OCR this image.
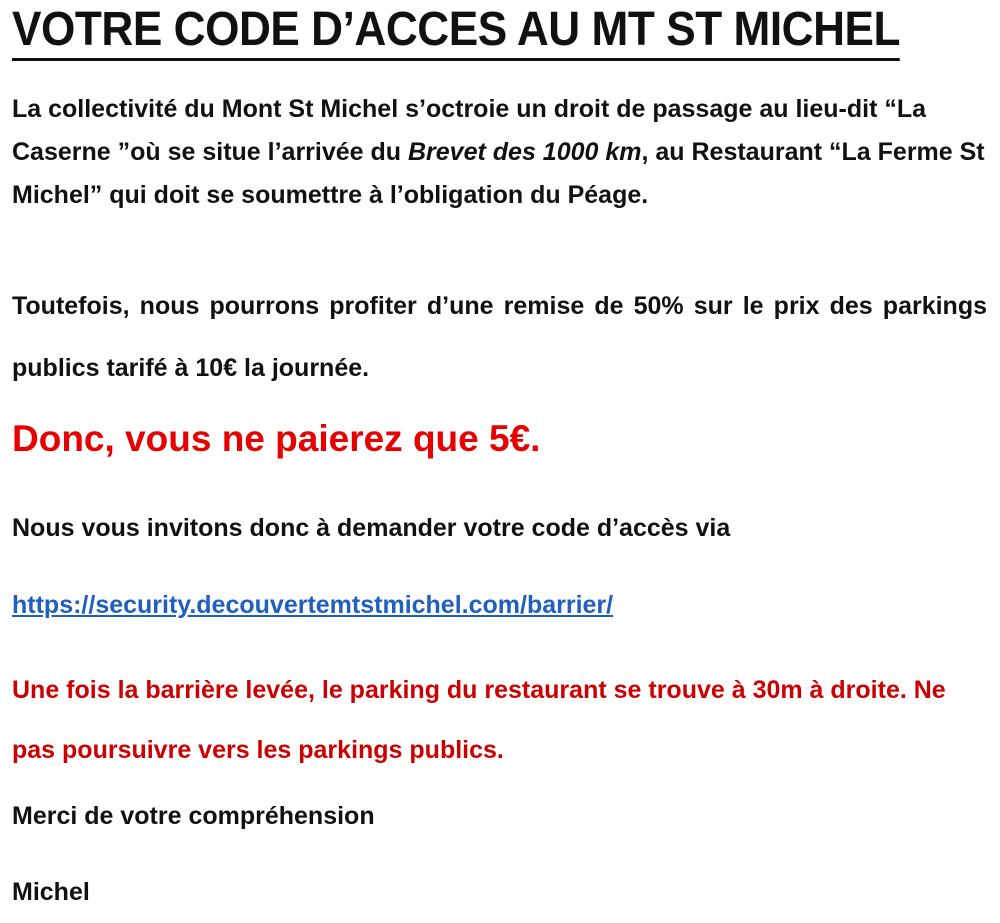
VOTRE CODE D’ACCES AU MT ST MICHEL

La collectivité du Mont St Michel s’octroie un droit de passage au lieu-dit “La Caserne ”où se situe l’arrivée du Brevet des 1000 km, au Restaurant “La Ferme St Michel” qui doit se soumettre à l’obligation du Péage.

Toutefois, nous pourrons profiter d’une remise de 50% sur le prix des parkings publics tarifé à 10€ la journée.

Donc, vous ne paierez que 5€.
Nous vous invitons donc à demander votre code d’accès via
https://security.decouvertemtstmichel.com/barrier/

Une fois la barrière levée, le parking du restaurant se trouve à 30m à droite. Ne pas poursuivre vers les parkings publics.

Merci de votre compréhension
Michel
